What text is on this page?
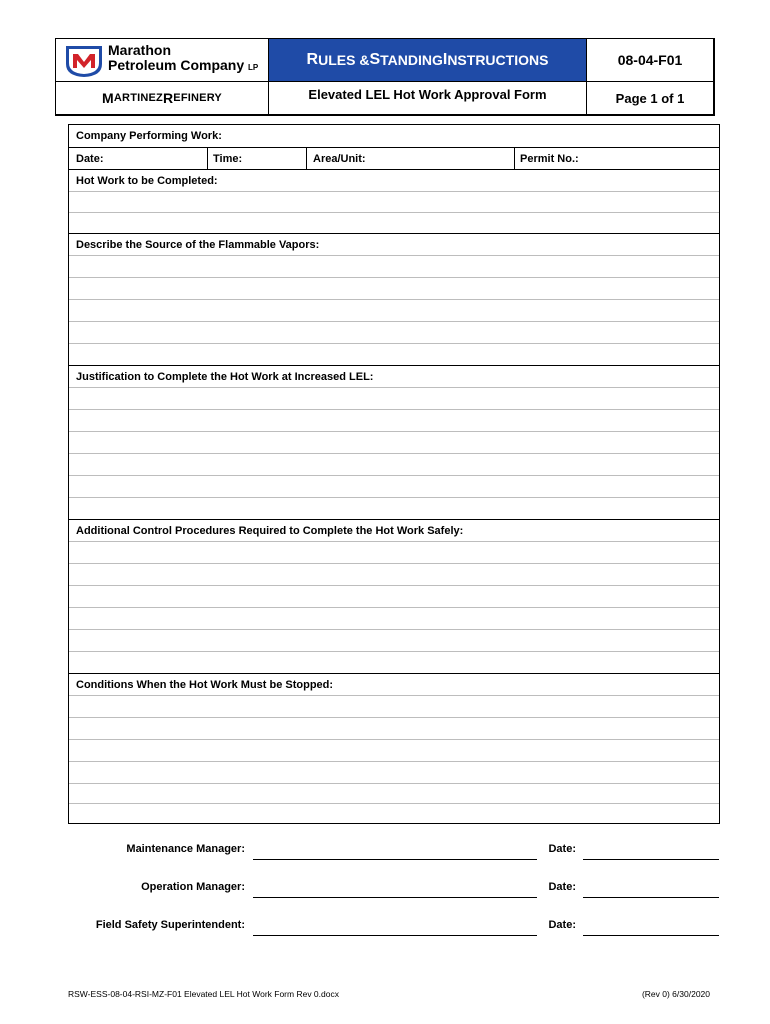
Marathon
Petroleum Company LP	R ULES & S TANDING I NSTRUCTIONS	08-04-F01
M ARTINEZ R EFINERY	Elevated LEL Hot Work Approval Form	Page 1 of 1
Company Performing Work:
Date:	Time:	Area/Unit:	Permit No.:
Hot Work to be Completed:
Describe the Source of the Flammable Vapors:
Justification to Complete the Hot Work at Increased LEL:
Additional Control Procedures Required to Complete the Hot Work Safely:
Conditions When the Hot Work Must be Stopped:
Maintenance Manager:	Date:
Operation Manager:	Date:
Field Safety Superintendent:	Date:
RSW-ESS-08-04-RSI-MZ-F01 Elevated LEL Hot Work Form Rev 0.docx	(Rev 0) 6/30/2020
